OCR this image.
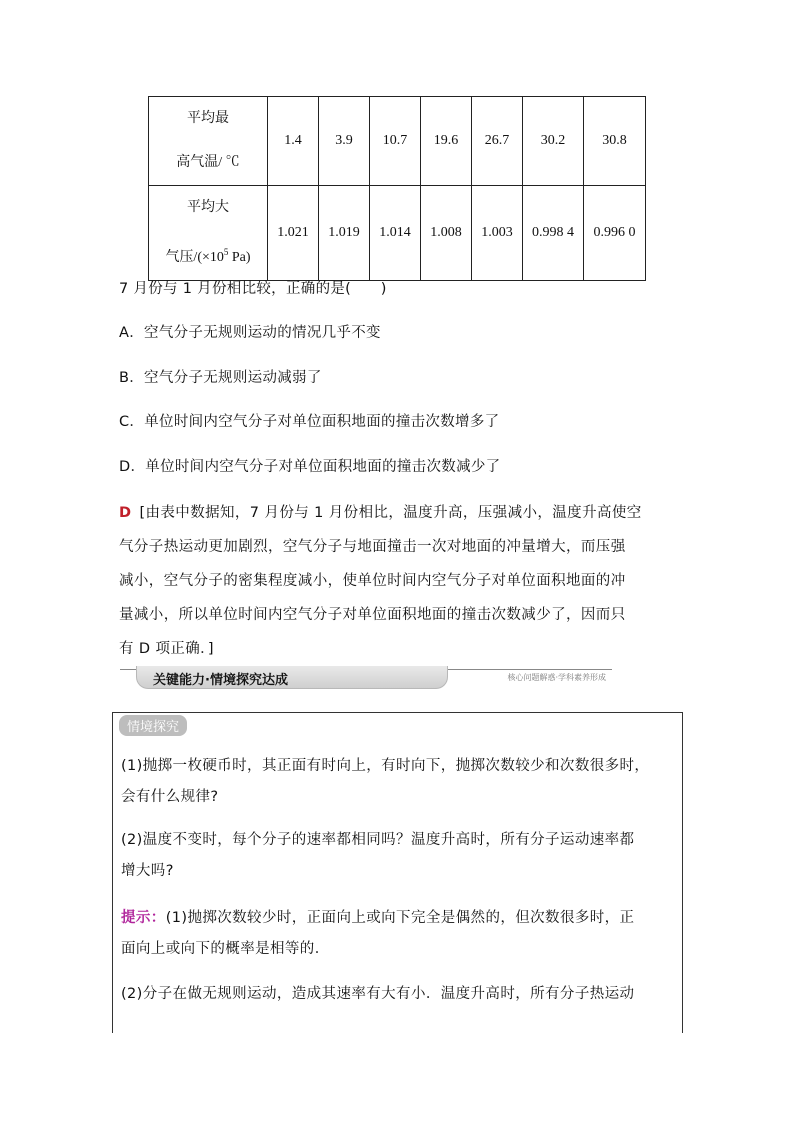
平均最
高气温/ ℃	1.4	3.9	10.7	19.6	26.7	30.2	30.8
平均大
气压$/(\times 10^5$ Pa)	1.021	1.019	1.014	1.008	1.003	0.998 4	0.996 0
7 月份与 1 月份相比较，正确的是(　　)
A．空气分子无规则运动的情况几乎不变
B．空气分子无规则运动减弱了
C．单位时间内空气分子对单位面积地面的撞击次数增多了
D．单位时间内空气分子对单位面积地面的撞击次数减少了
D [由表中数据知，7 月份与 1 月份相比，温度升高，压强减小，温度升高使空
气分子热运动更加剧烈，空气分子与地面撞击一次对地面的冲量增大，而压强
减小，空气分子的密集程度减小，使单位时间内空气分子对单位面积地面的冲
量减小，所以单位时间内空气分子对单位面积地面的撞击次数减少了，因而只
有 D 项正确．]
关键能力·情境探究达成	核心问题解惑·学科素养形成
情境探究
(1)抛掷一枚硬币时，其正面有时向上，有时向下，抛掷次数较少和次数很多时，
会有什么规律?
(2)温度不变时，每个分子的速率都相同吗？温度升高时，所有分子运动速率都
增大吗?
提示：(1)抛掷次数较少时，正面向上或向下完全是偶然的，但次数很多时，正
面向上或向下的概率是相等的．
(2)分子在做无规则运动，造成其速率有大有小．温度升高时，所有分子热运动
